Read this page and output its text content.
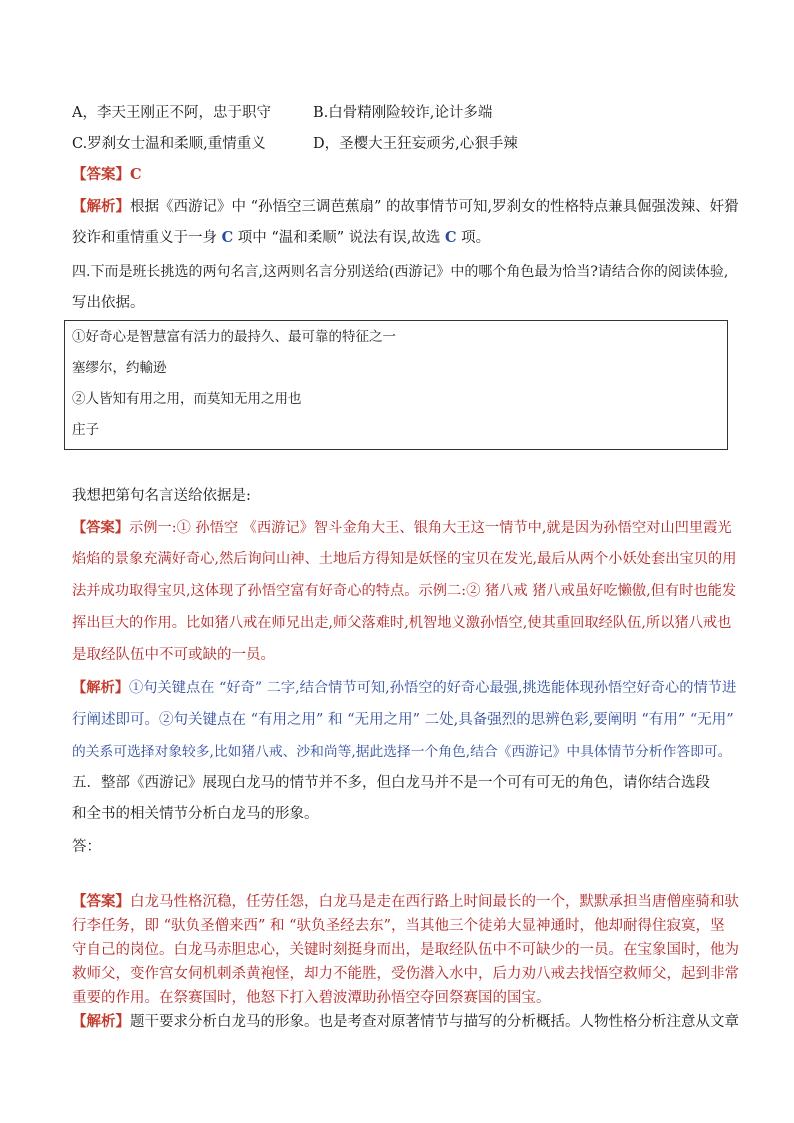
A，李天王刚正不阿，忠于职守	B.白骨精刚险较诈,论计多端
C.罗刹女士温和柔顺,重情重义	D，圣樱大王狂妄顽劣,心狠手辣
【答案】C
【解析】根据《西游记》中 “孙悟空三调芭蕉扇” 的故事情节可知,罗刹女的性格特点兼具倔强泼辣、奸猾
狡诈和重情重义于一身 C 项中 “温和柔顺” 说法有误,故选 C 项。
四.下而是班长挑选的两句名言,这两则名言分别送给(西游记》中的哪个角色最为恰当?请结合你的阅读体验,
写出依据。
①好奇心是智慧富有活力的最持久、最可靠的特征之一
塞缪尔，约輸逊
②人皆知有用之用，而莫知无用之用也
庄子
我想把第句名言送给依据是:
【答案】示例一:① 孙悟空 《西游记》智斗金角大王、银角大王这一情节中,就是因为孙悟空对山凹里霞光
焰焰的景象充满好奇心,然后询问山神、土地后方得知是妖怪的宝贝在发光,最后从两个小妖处套出宝贝的用
法并成功取得宝贝,这体现了孙悟空富有好奇心的特点。示例二:② 猪八戒 猪八戒虽好吃懒傲,但有时也能发
挥出巨大的作用。比如猪八戒在师兄出走,师父落难时,机智地义激孙悟空,使其重回取经队伍,所以猪八戒也
是取经队伍中不可或缺的一员。
【解析】①句关键点在 “好奇” 二字,结合情节可知,孙悟空的好奇心最强,挑选能体现孙悟空好奇心的情节进
行阐述即可。②句关键点在 “有用之用” 和 “无用之用” 二处,具备强烈的思辨色彩,要阐明 “有用” “无用”
的关系可选择对象较多,比如猪八戒、沙和尚等,据此选择一个角色,结合《西游记》中具体情节分析作答即可。
五．整部《西游记》展现白龙马的情节并不多，但白龙马并不是一个可有可无的角色，请你结合选段
和全书的相关情节分析白龙马的形象。
答：
【答案】白龙马性格沉稳，任劳任怨，白龙马是走在西行路上时间最长的一个，默默承担当唐僧座骑和驮
行李任务，即 “驮负圣僧来西” 和 “驮负圣经去东”，当其他三个徒弟大显神通时，他却耐得住寂寞，坚
守自己的岗位。白龙马赤胆忠心，关键时刻挺身而出，是取经队伍中不可缺少的一员。在宝象国时，他为
救师父，变作宫女伺机刺杀黄袍怪，却力不能胜，受伤潜入水中，后力劝八戒去找悟空救师父，起到非常
重要的作用。在祭赛国时，他怒下打入碧波潭助孙悟空夺回祭赛国的国宝。
【解析】题干要求分析白龙马的形象。也是考查对原著情节与描写的分析概括。人物性格分析注意从文章
